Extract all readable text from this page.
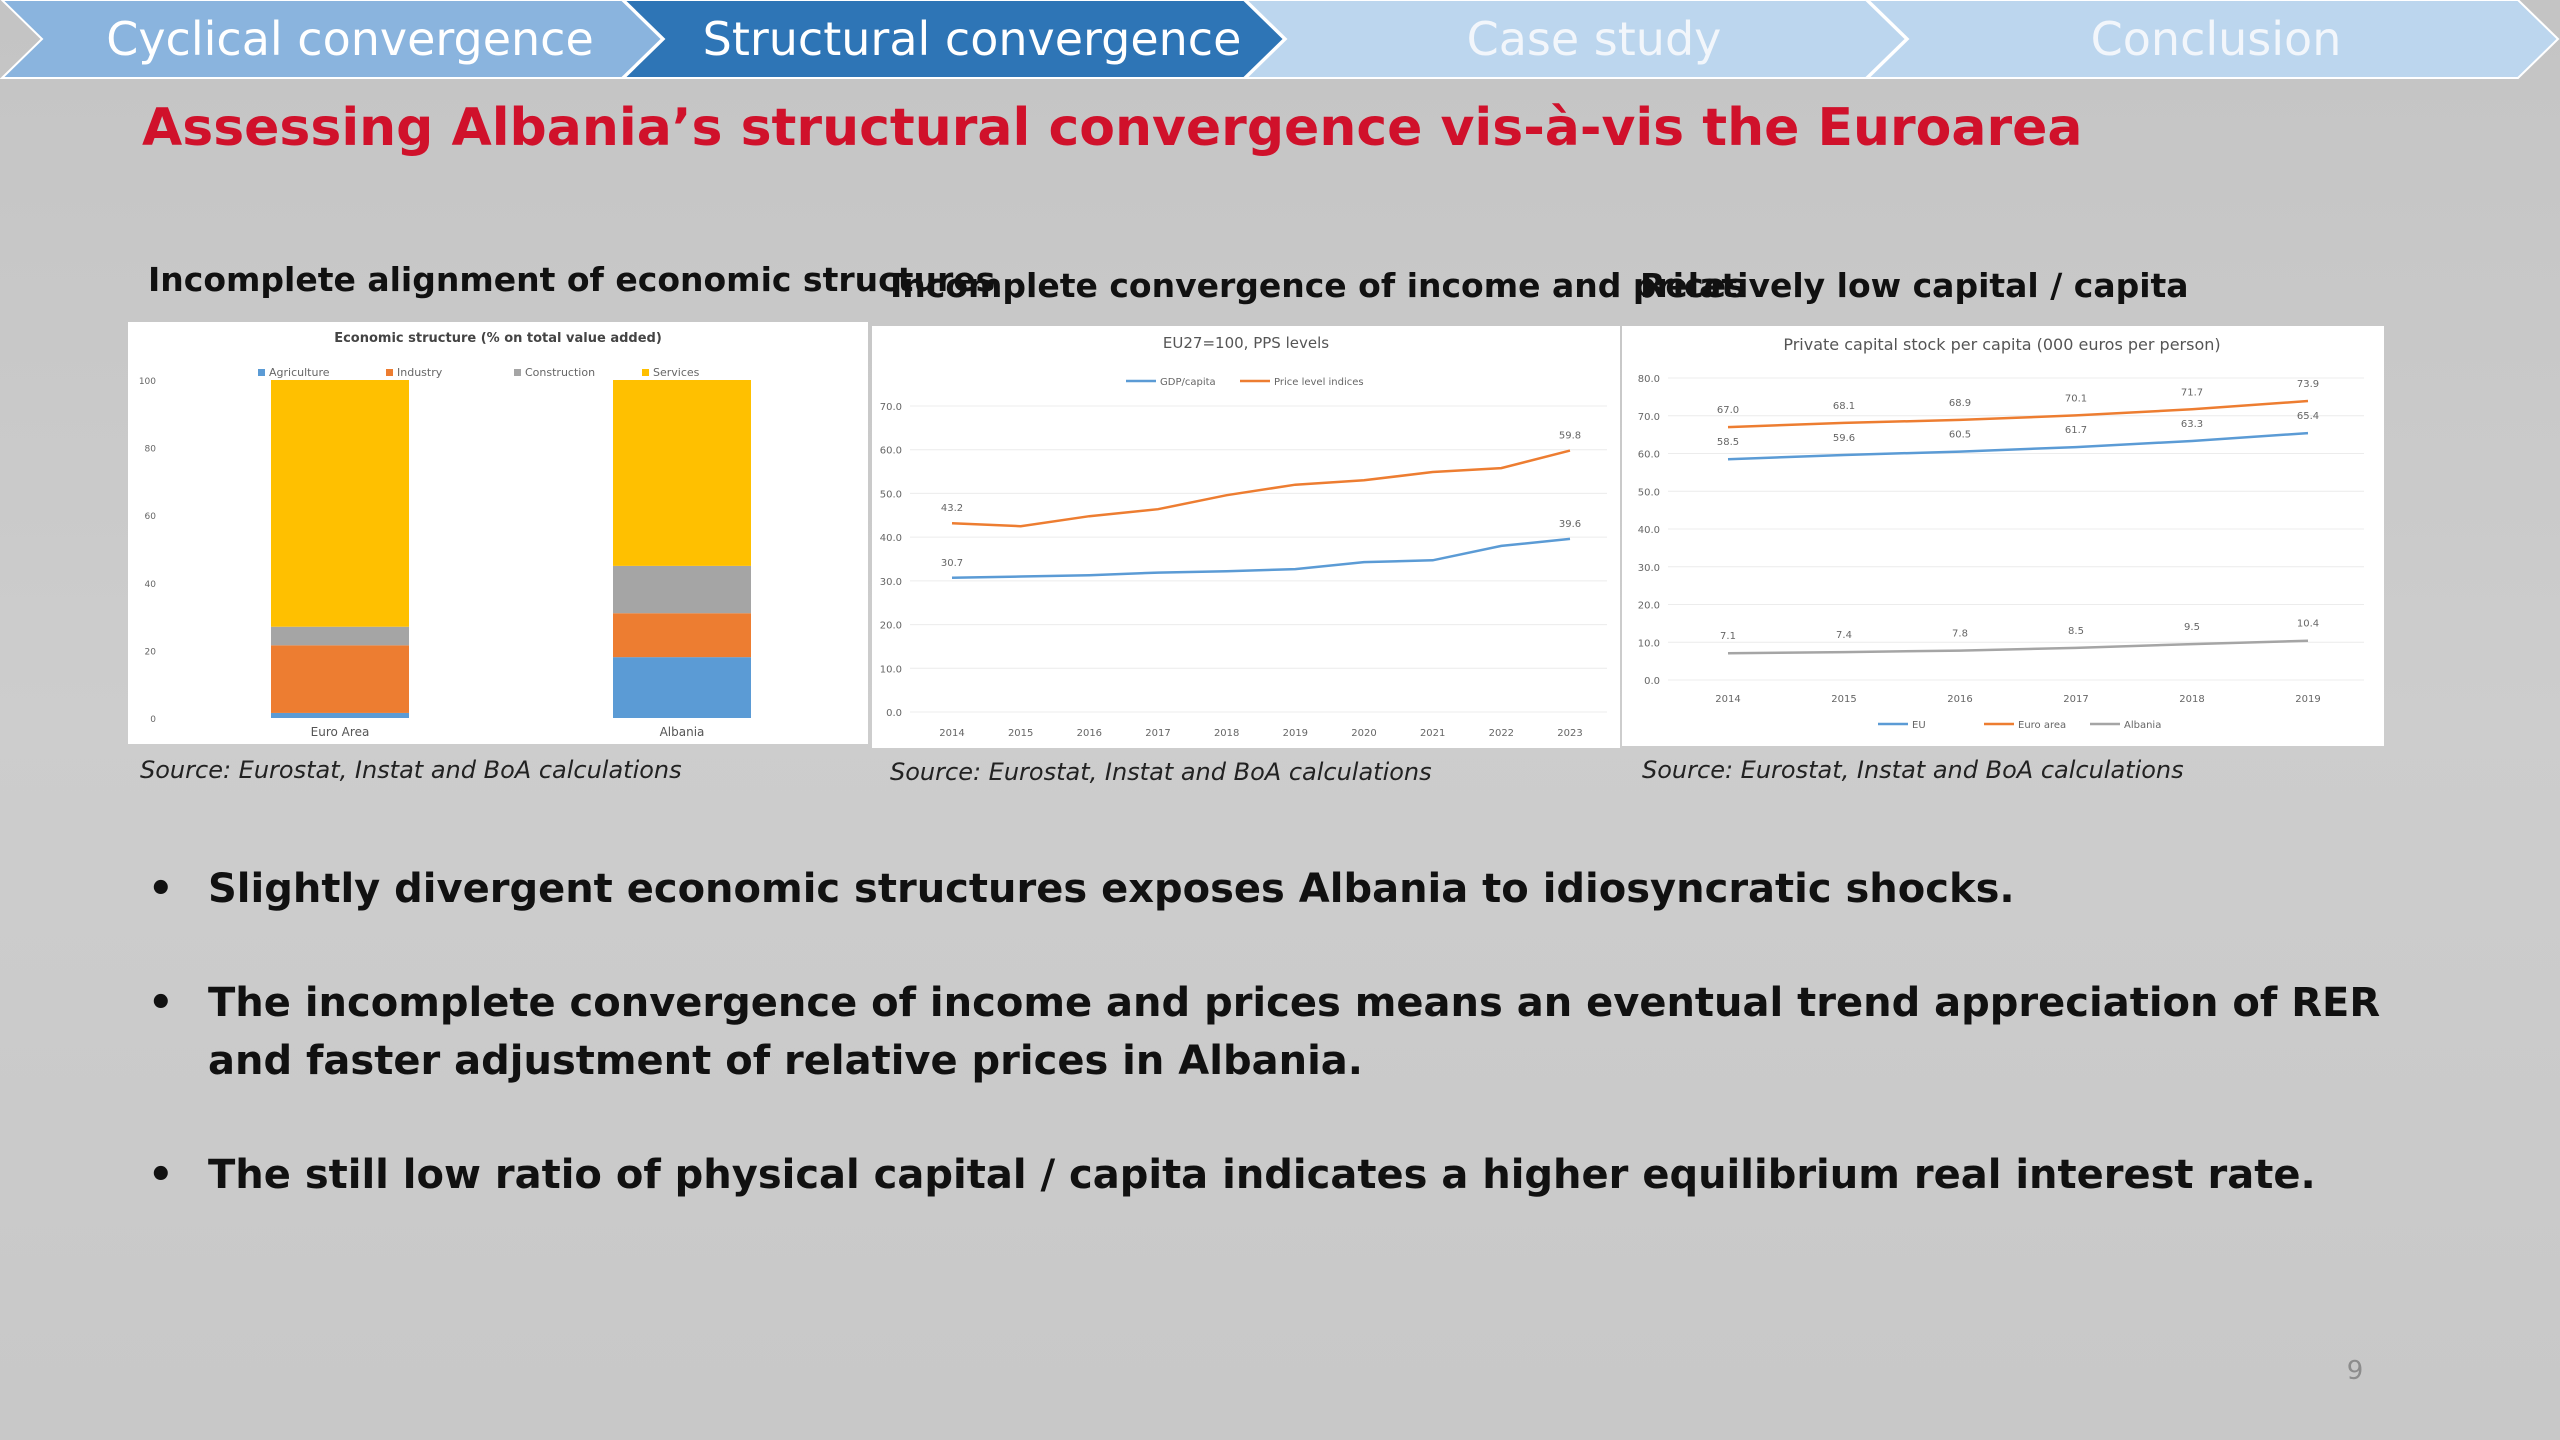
Cyclical convergence	Structural convergence	Case study	Conclusion
Assessing Albania’s structural convergence vis-à-vis the Euroarea
Incomplete alignment of economic structures
Incomplete convergence of income and prices
Relatively low capital / capita
Economic structure (% on total value added)
Agriculture	Industry	Construction	Services
0
20
40
60
80
100
Euro Area	Albania
EU27=100, PPS levels
0.0
10.0
20.0
30.0
40.0
50.0
60.0
70.0
2014	2015	2016	2017	2018	2019	2020	2021	2022	2023
30.7
39.6
43.2
59.8
GDP/capita	Price level indices
Private capital stock per capita (000 euros per person)
0.0
10.0
20.0
30.0
40.0
50.0
60.0
70.0
80.0
2014	2015	2016	2017	2018	2019
58.5	59.6	60.5	61.7
63.3
65.4
67.0	68.1	68.9	70.1
71.7
73.9
7.1	7.4	7.8	8.5	9.5	10.4
EU	Euro area	Albania
Source: Eurostat, Instat and BoA calculations	Source: Eurostat, Instat and BoA calculations	Source: Eurostat, Instat and BoA calculations
• Slightly divergent economic structures exposes Albania to idiosyncratic shocks.
• The incomplete convergence of income and prices means an eventual trend appreciation of RER and faster adjustment of relative prices in Albania.
• The still low ratio of physical capital / capita indicates a higher equilibrium real interest rate.
9
